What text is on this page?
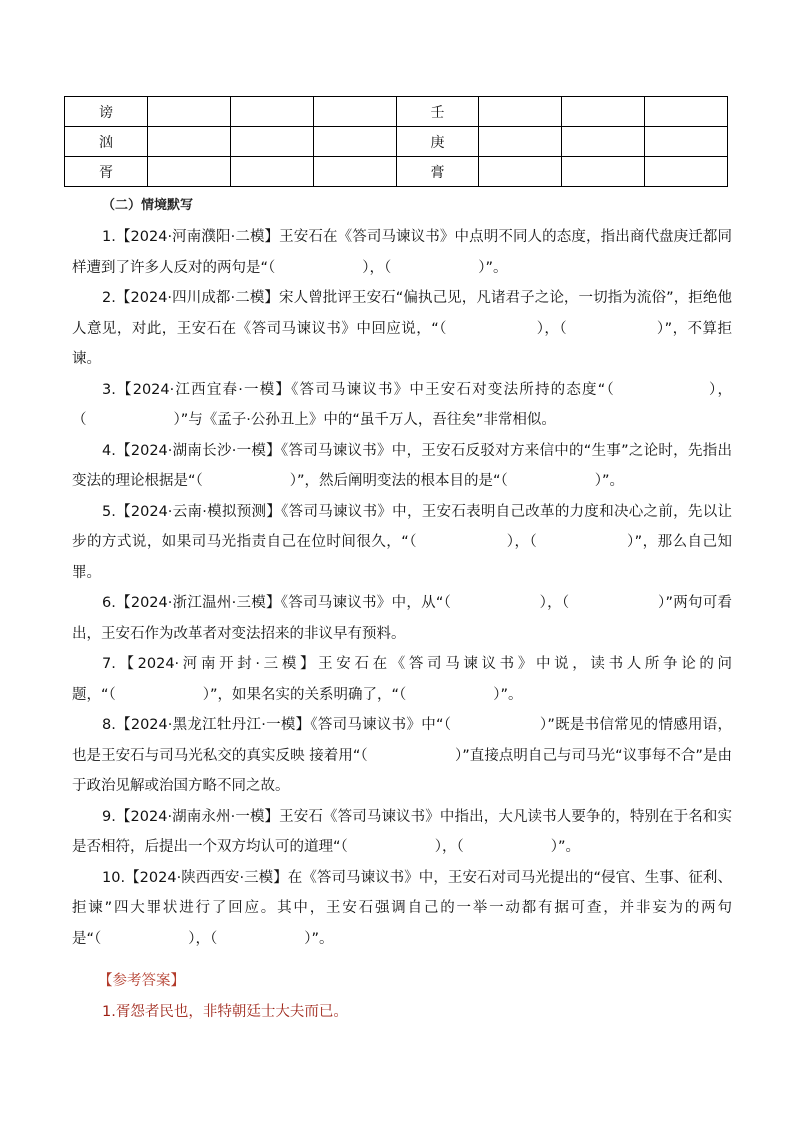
谤				壬			
汹				庚			
胥				膏			
（二）情境默写

1.【2024·河南濮阳·二模】王安石在《答司马谏议书》中点明不同人的态度，指出商代盘庚迁都同样遭到了许多人反对的两句是“（　　　　　　），（　　　　　　）”。

2.【2024·四川成都·二模】宋人曾批评王安石“偏执己见，凡诸君子之论，一切指为流俗”，拒绝他人意见，对此，王安石在《答司马谏议书》中回应说，“（　　　　　　），（　　　　　　）”，不算拒谏。

3.【2024·江西宜春·一模】《答司马谏议书》中王安石对变法所持的态度“（　　　　　　），（　　　　　　）”与《孟子·公孙丑上》中的“虽千万人，吾往矣”非常相似。

4.【2024·湖南长沙·一模】《答司马谏议书》中，王安石反驳对方来信中的“生事”之论时，先指出变法的理论根据是“（　　　　　　）”，然后阐明变法的根本目的是“（　　　　　　）”。

5.【2024·云南·模拟预测】《答司马谏议书》中，王安石表明自己改革的力度和决心之前，先以让步的方式说，如果司马光指责自己在位时间很久，“（　　　　　　），（　　　　　　）”，那么自己知罪。

6.【2024·浙江温州·三模】《答司马谏议书》中，从“（　　　　　　），（　　　　　　）”两句可看出，王安石作为改革者对变法招来的非议早有预料。

7.【2024·河南开封·三模】王安石在《答司马谏议书》中说，读书人所争论的问题，“（　　　　　　）”，如果名实的关系明确了，“（　　　　　　）”。

8.【2024·黑龙江牡丹江·一模】《答司马谏议书》中“（　　　　　　）”既是书信常见的情感用语，也是王安石与司马光私交的真实反映 接着用“（　　　　　　）”直接点明自己与司马光“议事每不合”是由于政治见解或治国方略不同之故。

9.【2024·湖南永州·一模】王安石《答司马谏议书》中指出，大凡读书人要争的，特别在于名和实是否相符，后提出一个双方均认可的道理“（　　　　　　），（　　　　　　）”。

10.【2024·陕西西安·三模】在《答司马谏议书》中，王安石对司马光提出的“侵官、生事、征利、拒谏”四大罪状进行了回应。其中，王安石强调自己的一举一动都有据可查，并非妄为的两句是“（　　　　　　），（　　　　　　）”。

【参考答案】
1.胥怨者民也，非特朝廷士大夫而已。
